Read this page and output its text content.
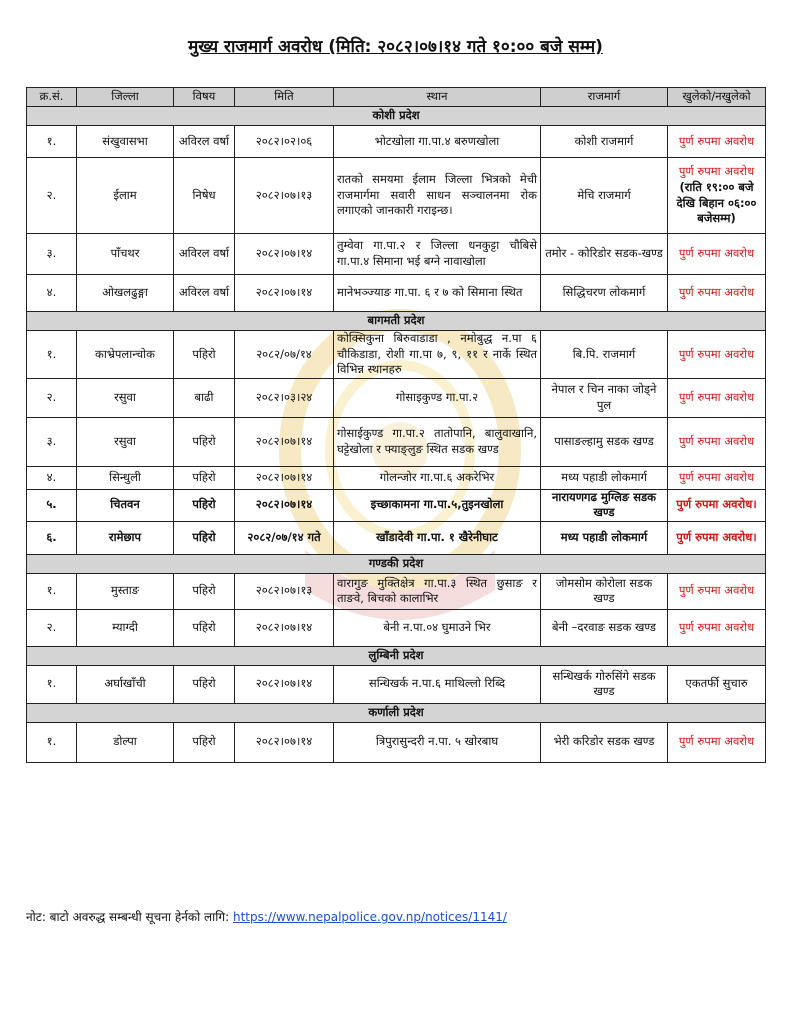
मुख्य राजमार्ग अवरोध (मिति: २०८२।०७।१४ गते १०:०० बजे सम्म)
क्र.सं.	जिल्ला	विषय	मिति	स्थान	राजमार्ग	खुलेको/नखुलेको
कोशी प्रदेश						
१.	संखुवासभा	अविरल वर्षा	२०८२।०२।०६	भोटखोला गा.पा.४ बरुणखोला	कोशी राजमार्ग	पुर्ण रुपमा अवरोध

२.	ईलाम	निषेध	२०८२।०७।१३	रातको समयमा ईलाम जिल्ला भित्रको मेची राजमार्गमा सवारी साधन सञ्चालनमा रोक लगाएको जानकारी गराइन्छ।	मेचि राजमार्ग	पुर्ण रुपमा अवरोध
(राति १९:०० बजे देखि बिहान ०६:०० बजेसम्म)

३.	पाँचथर	अविरल वर्षा	२०८२।०७।१४	तुम्वेवा गा.पा.२ र जिल्ला धनकुट्टा चौबिसे गा.पा.४ सिमाना भई बग्ने नावाखोला	तमोर - कोरिडोर सडक-खण्ड	पुर्ण रुपमा अवरोध

४.	ओखलढुङ्गा	अविरल वर्षा	२०८२।०७।१४	मानेभञ्ज्याङ गा.पा. ६ र ७ को सिमाना स्थित	सिद्धिचरण लोकमार्ग	पुर्ण रुपमा अवरोध

बागमती प्रदेश						
१.	काभ्रेपलान्चोक	पहिरो	२०८२/०७/१४	कोक्सिकुना बिरुवाडाडा , नमोबुद्ध न.पा ६ चौकिडाडा, रोशी गा.पा ७, ९, ११ र नार्के स्थित विभिन्न स्थानहरु	बि.पि. राजमार्ग	पुर्ण रुपमा अवरोध

२.	रसुवा	बाढी	२०८२।०३।२४	गोसाइकुण्ड गा.पा.२	नेपाल र चिन नाका जोड्ने पुल	पुर्ण रुपमा अवरोध

३.	रसुवा	पहिरो	२०८२।०७।१४	गोसाईकुण्ड गा.पा.२ तातोपानि, बालुवाखानि, घट्टेखोला र फ्याङ्लुङ स्थित सडक खण्ड	पासाङल्हामु सडक खण्ड	पुर्ण रुपमा अवरोध

४.	सिन्धुली	पहिरो	२०८२।०७।१४	गोलन्जोर गा.पा.६ अकरेभिर	मध्य पहाडी लोकमार्ग	पुर्ण रुपमा अवरोध

५.	चितवन	पहिरो	२०८२।०७।१४	इच्छाकामना गा.पा.५,तुइनखोला	नारायणगढ मुग्लिङ सडक खण्ड	पुर्ण रुपमा अवरोध।

६.	रामेछाप	पहिरो	२०८२/०७/१४ गते	खाँडादेवी गा.पा. १ खैरेनीघाट	मध्य पहाडी लोकमार्ग	पुर्ण रुपमा अवरोध।

गण्डकी प्रदेश						
१.	मुस्ताङ	पहिरो	२०८२।०७।१३	वारागुङ मुक्तिक्षेत्र गा.पा.३ स्थित छुसाङ र ताङवे, बिचको कालाभिर	जोमसोम कोरोला सडक खण्ड	पुर्ण रुपमा अवरोध

२.	म्याग्दी	पहिरो	२०८२।०७।१४	बेनी न.पा.०४ घुमाउने भिर	बेनी –दरवाङ सडक खण्ड	पुर्ण रुपमा अवरोध

लुम्बिनी प्रदेश						
१.	अर्घाखाँची	पहिरो	२०८२।०७।१४	सन्धिखर्क न.पा.६ माथिल्लो रिब्दि	सन्धिखर्क गोरुसिंगे सडक खण्ड	एकतर्फी सुचारु

कर्णाली प्रदेश						
१.	डोल्पा	पहिरो	२०८२।०७।१४	त्रिपुरासुन्दरी न.पा. ५ खोरबाघ	भेरी करिडोर सडक खण्ड	पुर्ण रुपमा अवरोध
नोट: बाटो अवरुद्ध सम्बन्धी सूचना हेर्नको लागि: https://www.nepalpolice.gov.np/notices/1141/
